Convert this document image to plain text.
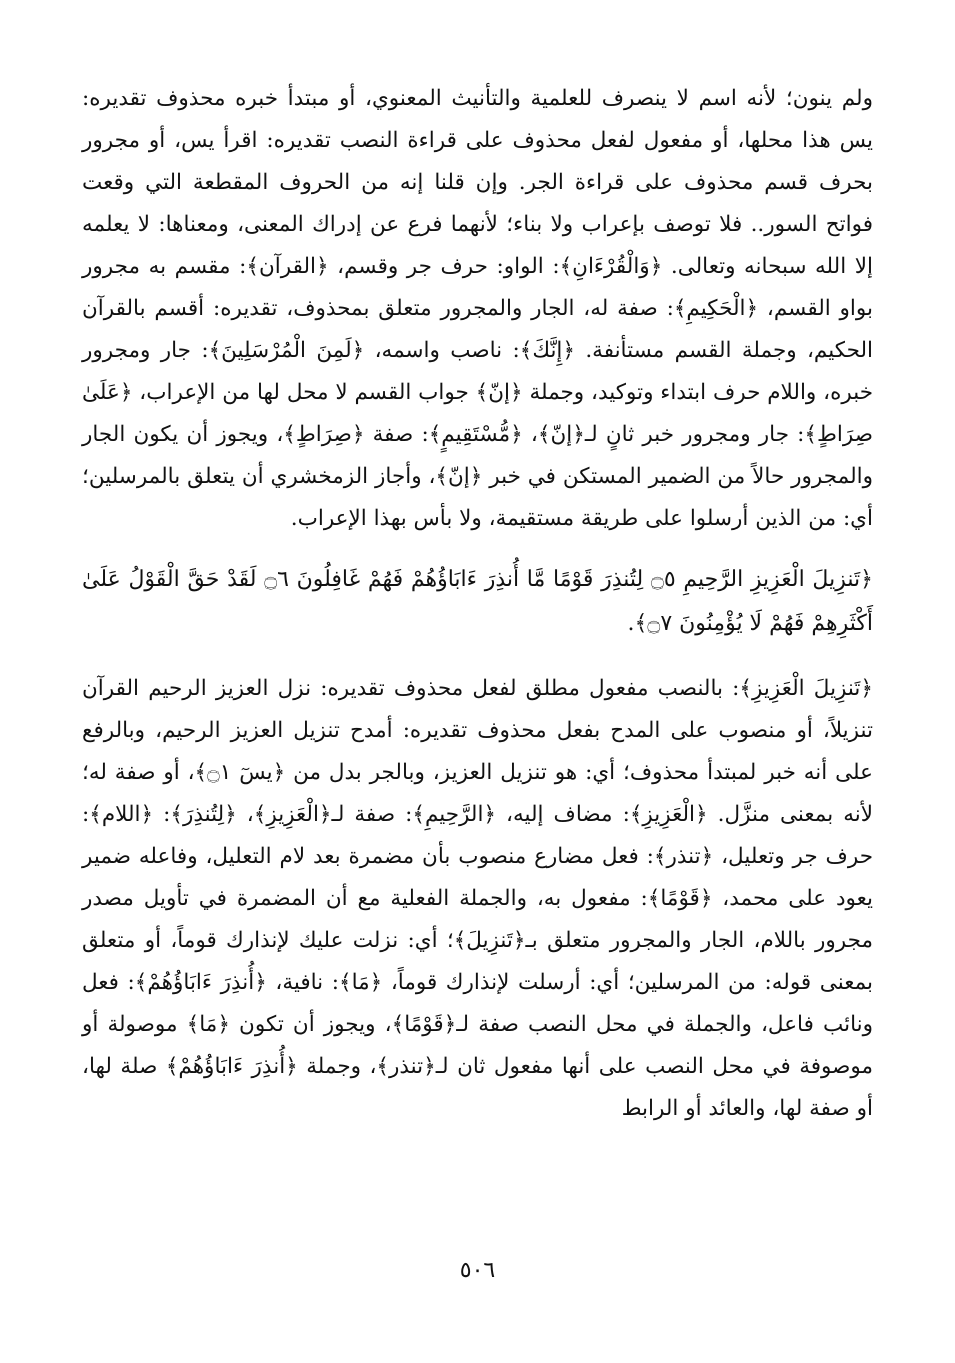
ولم ينون؛ لأنه اسم لا ينصرف للعلمية والتأنيث المعنوي، أو مبتدأ خبره محذوف تقديره: يس هذا محلها، أو مفعول لفعل محذوف على قراءة النصب تقديره: اقرأ يس، أو مجرور بحرف قسم محذوف على قراءة الجر. وإن قلنا إنه من الحروف المقطعة التي وقعت فواتح السور.. فلا توصف بإعراب ولا بناء؛ لأنهما فرع عن إدراك المعنى، ومعناها: لا يعلمه إلا الله سبحانه وتعالى. ﴿وَالْقُرْءَانِ﴾: الواو: حرف جر وقسم، ﴿القرآن﴾: مقسم به مجرور بواو القسم، ﴿الْحَكِيمِ﴾: صفة له، الجار والمجرور متعلق بمحذوف، تقديره: أقسم بالقرآن الحكيم، وجملة القسم مستأنفة. ﴿إِنَّكَ﴾: ناصب واسمه، ﴿لَمِنَ الْمُرْسَلِينَ﴾: جار ومجرور خبره، واللام حرف ابتداء وتوكيد، وجملة ﴿إنّ﴾ جواب القسم لا محل لها من الإعراب، ﴿عَلَىٰ صِرَاطٍ﴾: جار ومجرور خبر ثانٍ لـ﴿إنّ﴾، ﴿مُّسْتَقِيمٍ﴾: صفة ﴿صِرَاطٍ﴾، ويجوز أن يكون الجار والمجرور حالاً من الضمير المستكن في خبر ﴿إنّ﴾، وأجاز الزمخشري أن يتعلق بالمرسلين؛ أي: من الذين أرسلوا على طريقة مستقيمة، ولا بأس بهذا الإعراب.

﴿تَنزِيلَ الْعَزِيزِ الرَّحِيمِ ۝٥ لِتُنذِرَ قَوْمًا مَّا أُنذِرَ ءَابَاؤُهُمْ فَهُمْ غَافِلُونَ ۝٦ لَقَدْ حَقَّ الْقَوْلُ عَلَىٰ أَكْثَرِهِمْ فَهُمْ لَا يُؤْمِنُونَ ۝٧﴾.

﴿تَنزِيلَ الْعَزِيزِ﴾: بالنصب مفعول مطلق لفعل محذوف تقديره: نزل العزيز الرحيم القرآن تنزيلاً، أو منصوب على المدح بفعل محذوف تقديره: أمدح تنزيل العزيز الرحيم، وبالرفع على أنه خبر لمبتدأ محذوف؛ أي: هو تنزيل العزيز، وبالجر بدل من ﴿يسٓ ۝١﴾، أو صفة له؛ لأنه بمعنى منزَّل. ﴿الْعَزِيزِ﴾: مضاف إليه، ﴿الرَّحِيمِ﴾: صفة لـ﴿الْعَزِيزِ﴾، ﴿لِتُنذِرَ﴾: ﴿اللام﴾: حرف جر وتعليل، ﴿تنذر﴾: فعل مضارع منصوب بأن مضمرة بعد لام التعليل، وفاعله ضمير يعود على محمد، ﴿قَوْمًا﴾: مفعول به، والجملة الفعلية مع أن المضمرة في تأويل مصدر مجرور باللام، الجار والمجرور متعلق بـ﴿تَنزِيلَ﴾؛ أي: نزلت عليك لإنذارك قوماً، أو متعلق بمعنى قوله: من المرسلين؛ أي: أرسلت لإنذارك قوماً، ﴿مَا﴾: نافية، ﴿أُنذِرَ ءَابَاؤُهُمْ﴾: فعل ونائب فاعل، والجملة في محل النصب صفة لـ﴿قَوْمًا﴾، ويجوز أن تكون ﴿مَا﴾ موصولة أو موصوفة في محل النصب على أنها مفعول ثان لـ﴿تنذر﴾، وجملة ﴿أُنذِرَ ءَابَاؤُهُمْ﴾ صلة لها، أو صفة لها، والعائد أو الرابط

٥٠٦
